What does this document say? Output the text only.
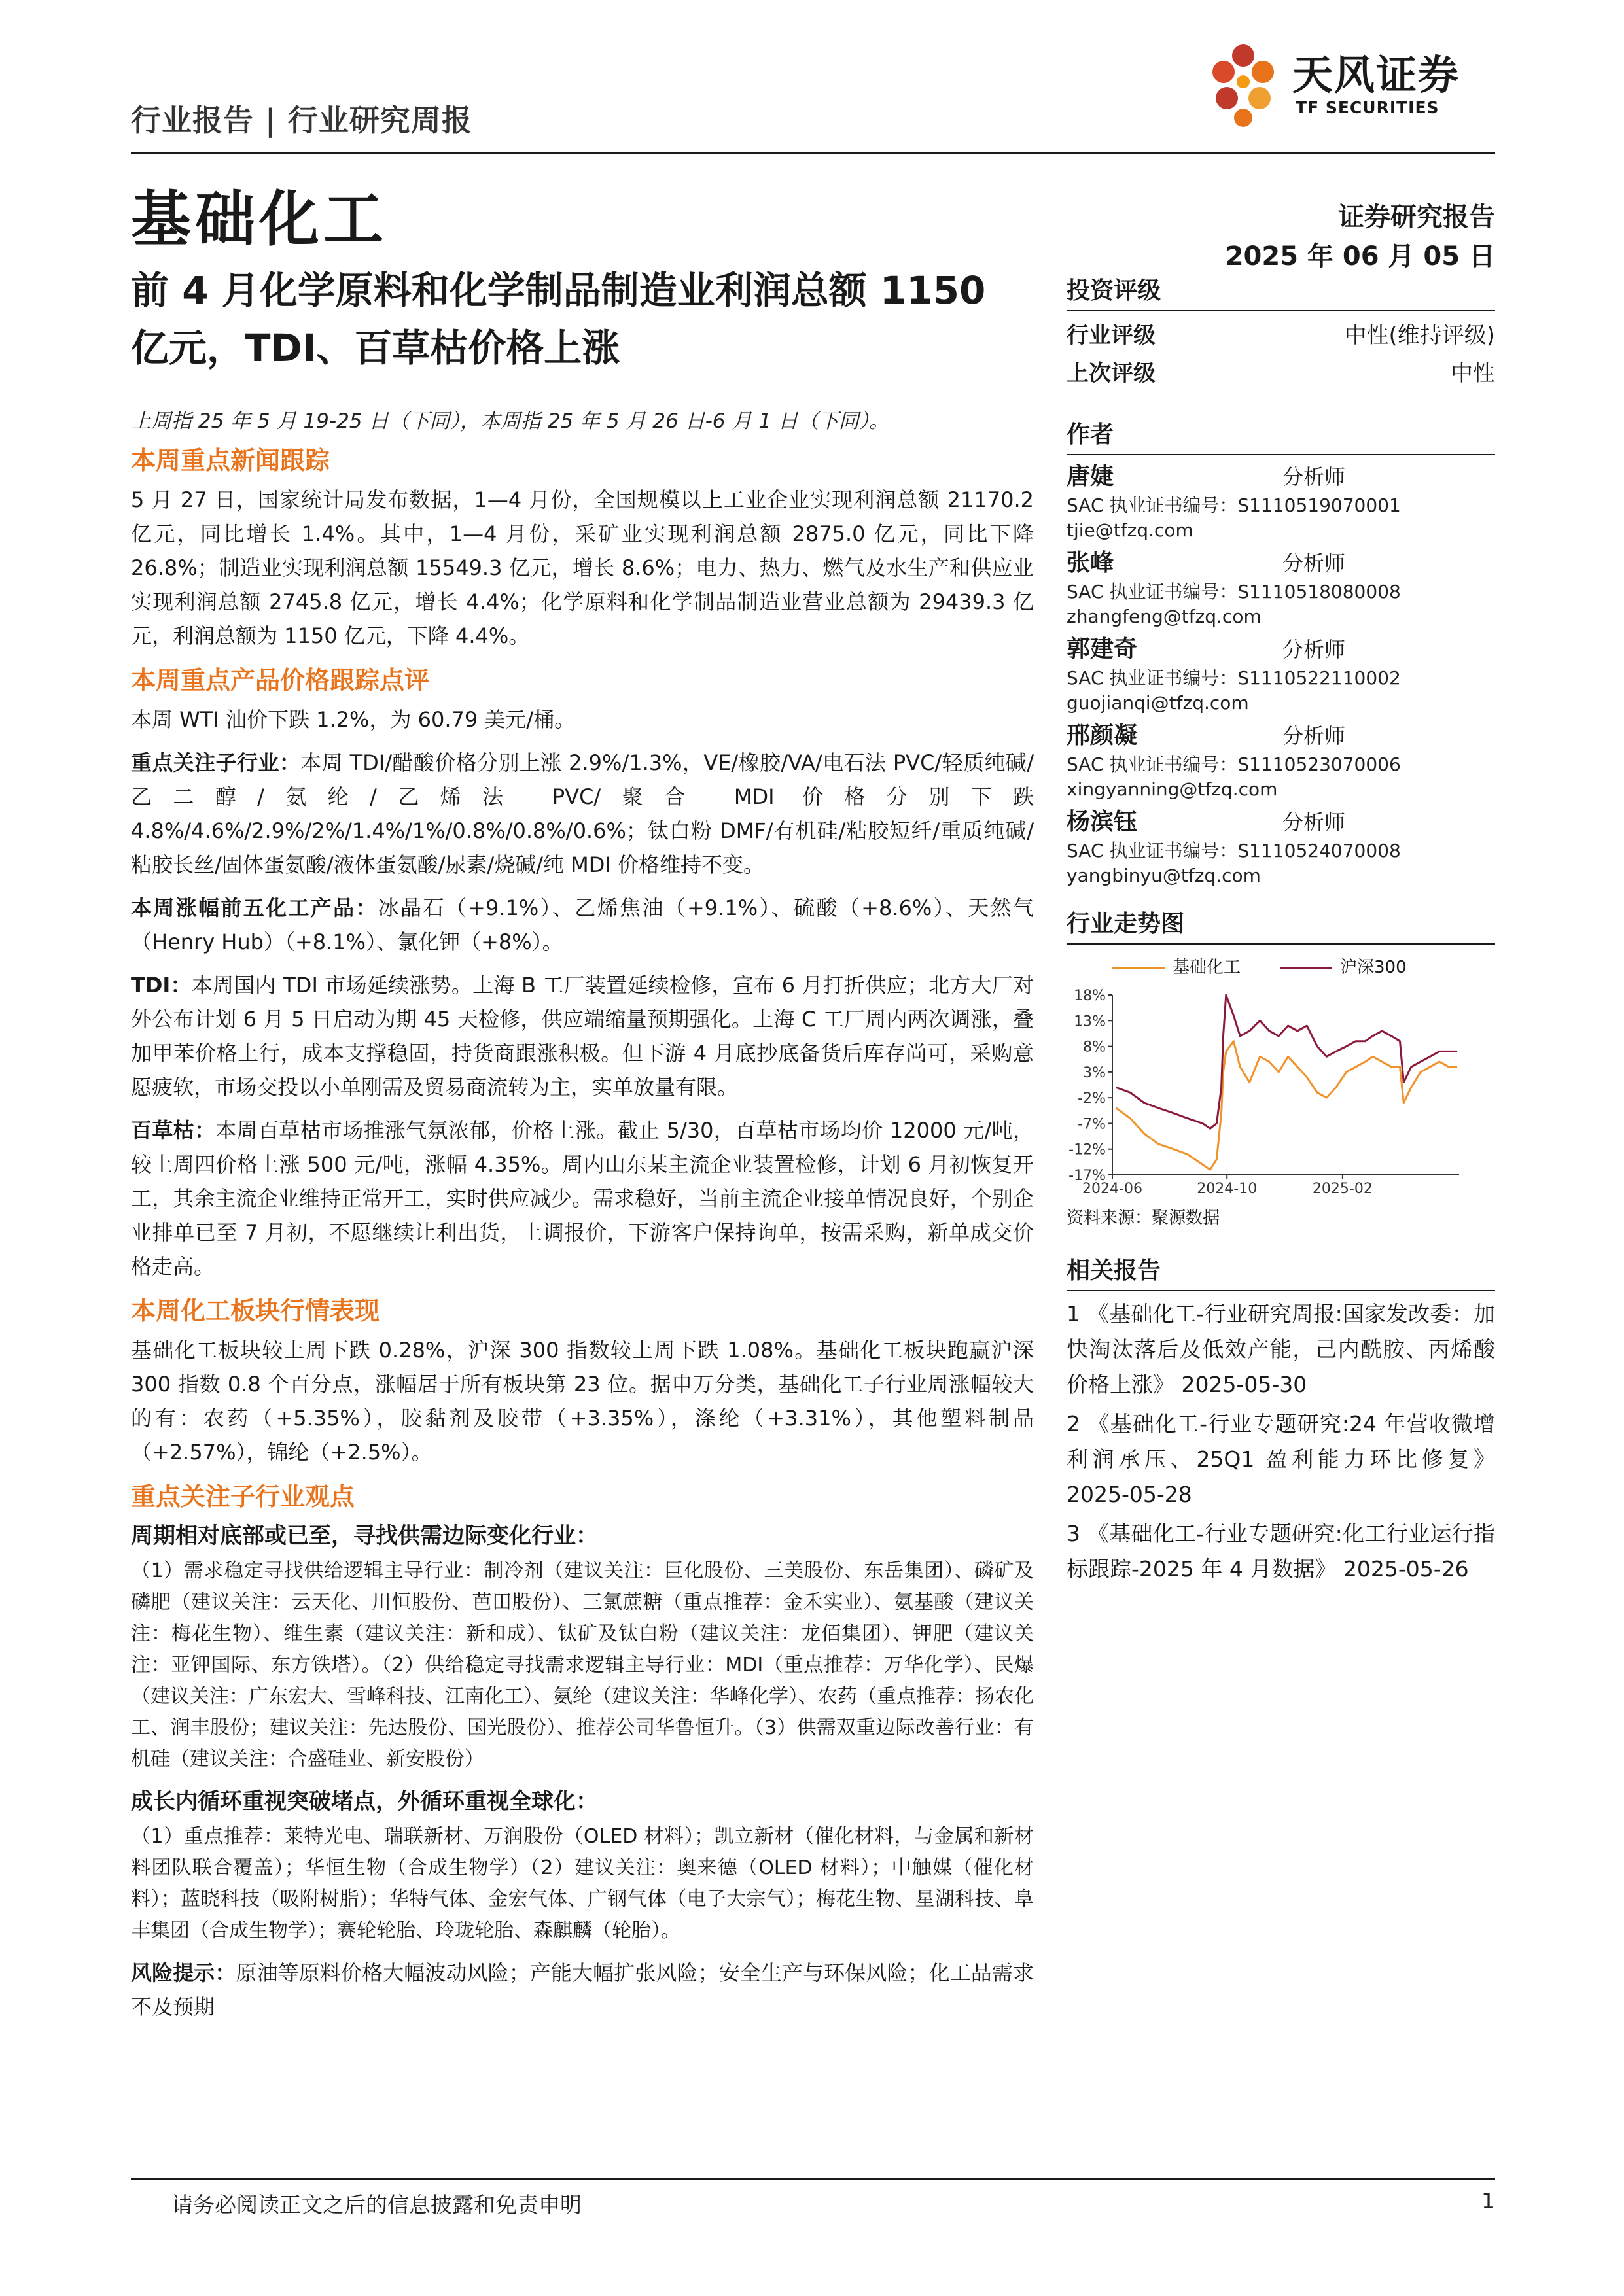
行业报告 | 行业研究周报
基础化工
天风证券
TF SECURITIES
证券研究报告
2025 年 06 月 05 日
前 4 月化学原料和化学制品制造业利润总额 1150 亿元，TDI、百草枯价格上涨

上周指 25 年 5 月 19-25 日（下同），本周指 25 年 5 月 26 日-6 月 1 日（下同）。

本周重点新闻跟踪

5 月 27 日，国家统计局发布数据，1—4 月份，全国规模以上工业企业实现利润总额 21170.2 亿元，同比增长 1.4%。其中，1—4 月份，采矿业实现利润总额 2875.0 亿元，同比下降 26.8%；制造业实现利润总额 15549.3 亿元，增长 8.6%；电力、热力、燃气及水生产和供应业实现利润总额 2745.8 亿元，增长 4.4%；化学原料和化学制品制造业营业总额为 29439.3 亿元，利润总额为 1150 亿元，下降 4.4%。

本周重点产品价格跟踪点评

本周 WTI 油价下跌 1.2%，为 60.79 美元/桶。

重点关注子行业：本周 TDI/醋酸价格分别上涨 2.9%/1.3%，VE/橡胶/VA/电石法 PVC/轻质纯碱/乙二醇/氨纶/乙烯法 PVC/聚合 MDI 价格分别下跌 4.8%/4.6%/2.9%/2%/1.4%/1%/0.8%/0.8%/0.6%；钛白粉 DMF/有机硅/粘胶短纤/重质纯碱/粘胶长丝/固体蛋氨酸/液体蛋氨酸/尿素/烧碱/纯 MDI 价格维持不变。

本周涨幅前五化工产品：冰晶石（+9.1%）、乙烯焦油（+9.1%）、硫酸（+8.6%）、天然气（Henry Hub）（+8.1%）、氯化钾（+8%）。

TDI：本周国内 TDI 市场延续涨势。上海 B 工厂装置延续检修，宣布 6 月打折供应；北方大厂对外公布计划 6 月 5 日启动为期 45 天检修，供应端缩量预期强化。上海 C 工厂周内两次调涨，叠加甲苯价格上行，成本支撑稳固，持货商跟涨积极。但下游 4 月底抄底备货后库存尚可，采购意愿疲软，市场交投以小单刚需及贸易商流转为主，实单放量有限。

百草枯：本周百草枯市场推涨气氛浓郁，价格上涨。截止 5/30，百草枯市场均价 12000 元/吨，较上周四价格上涨 500 元/吨，涨幅 4.35%。周内山东某主流企业装置检修，计划 6 月初恢复开工，其余主流企业维持正常开工，实时供应减少。需求稳好，当前主流企业接单情况良好，个别企业排单已至 7 月初，不愿继续让利出货，上调报价，下游客户保持询单，按需采购，新单成交价格走高。

本周化工板块行情表现

基础化工板块较上周下跌 0.28%，沪深 300 指数较上周下跌 1.08%。基础化工板块跑赢沪深 300 指数 0.8 个百分点，涨幅居于所有板块第 23 位。据申万分类，基础化工子行业周涨幅较大的有：农药（+5.35%），胶黏剂及胶带（+3.35%），涤纶（+3.31%），其他塑料制品（+2.57%），锦纶（+2.5%）。

重点关注子行业观点
周期相对底部或已至，寻找供需边际变化行业：

（1）需求稳定寻找供给逻辑主导行业：制冷剂（建议关注：巨化股份、三美股份、东岳集团）、磷矿及磷肥（建议关注：云天化、川恒股份、芭田股份）、三氯蔗糖（重点推荐：金禾实业）、氨基酸（建议关注：梅花生物）、维生素（建议关注：新和成）、钛矿及钛白粉（建议关注：龙佰集团）、钾肥（建议关注：亚钾国际、东方铁塔）。（2）供给稳定寻找需求逻辑主导行业：MDI（重点推荐：万华化学）、民爆（建议关注：广东宏大、雪峰科技、江南化工）、氨纶（建议关注：华峰化学）、农药（重点推荐：扬农化工、润丰股份；建议关注：先达股份、国光股份）、推荐公司华鲁恒升。（3）供需双重边际改善行业：有机硅（建议关注：合盛硅业、新安股份）

成长内循环重视突破堵点，外循环重视全球化：

（1）重点推荐：莱特光电、瑞联新材、万润股份（OLED 材料）；凯立新材（催化材料，与金属和新材料团队联合覆盖）；华恒生物（合成生物学）（2）建议关注：奥来德（OLED 材料）；中触媒（催化材料）；蓝晓科技（吸附树脂）；华特气体、金宏气体、广钢气体（电子大宗气）；梅花生物、星湖科技、阜丰集团（合成生物学）；赛轮轮胎、玲珑轮胎、森麒麟（轮胎）。

风险提示：原油等原料价格大幅波动风险；产能大幅扩张风险；安全生产与环保风险；化工品需求不及预期

投资评级
行业评级	中性(维持评级)
上次评级	中性
作者
唐婕	分析师
SAC 执业证书编号：S1110519070001
tjie@tfzq.com
张峰	分析师
SAC 执业证书编号：S1110518080008
zhangfeng@tfzq.com
郭建奇	分析师
SAC 执业证书编号：S1110522110002
guojianqi@tfzq.com
邢颜凝	分析师
SAC 执业证书编号：S1110523070006
xingyanning@tfzq.com
杨滨钰	分析师
SAC 执业证书编号：S1110524070008
yangbinyu@tfzq.com
行业走势图
基础化工	沪深300
18%
13%
8%
3%
-2%
-7%
-12%
-17%
2024-06	2024-10	2025-02
资料来源：聚源数据
相关报告
1 《基础化工-行业研究周报:国家发改委：加快淘汰落后及低效产能，己内酰胺、丙烯酸价格上涨》 2025-05-30
2 《基础化工-行业专题研究:24 年营收微增利润承压、25Q1 盈利能力环比修复》 2025-05-28
3 《基础化工-行业专题研究:化工行业运行指标跟踪-2025 年 4 月数据》 2025-05-26
请务必阅读正文之后的信息披露和免责申明	1
